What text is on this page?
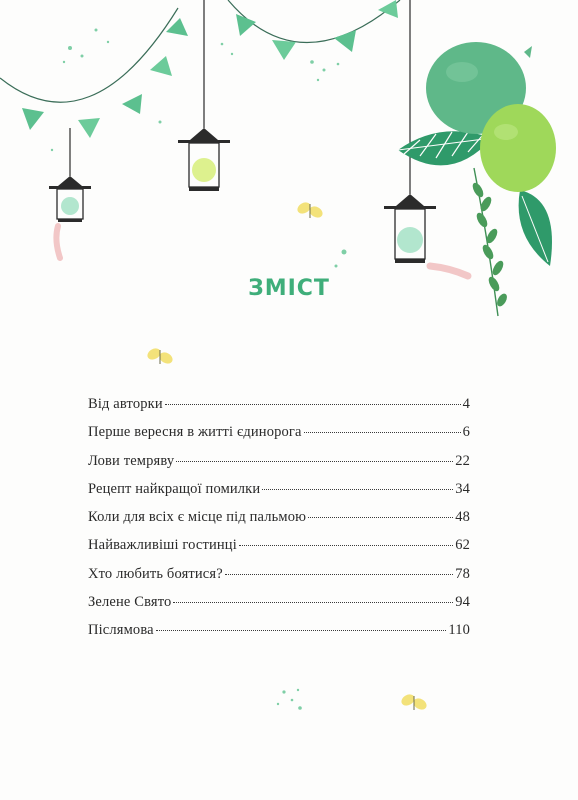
ЗМІСТ
Від авторки	4
Перше вересня в житті єдинорога	6
Лови темряву	22
Рецепт найкращої помилки	34
Коли для всіх є місце під пальмою	48
Найважливіші гостинці	62
Хто любить боятися?	78
Зелене Свято	94
Післямова	110
